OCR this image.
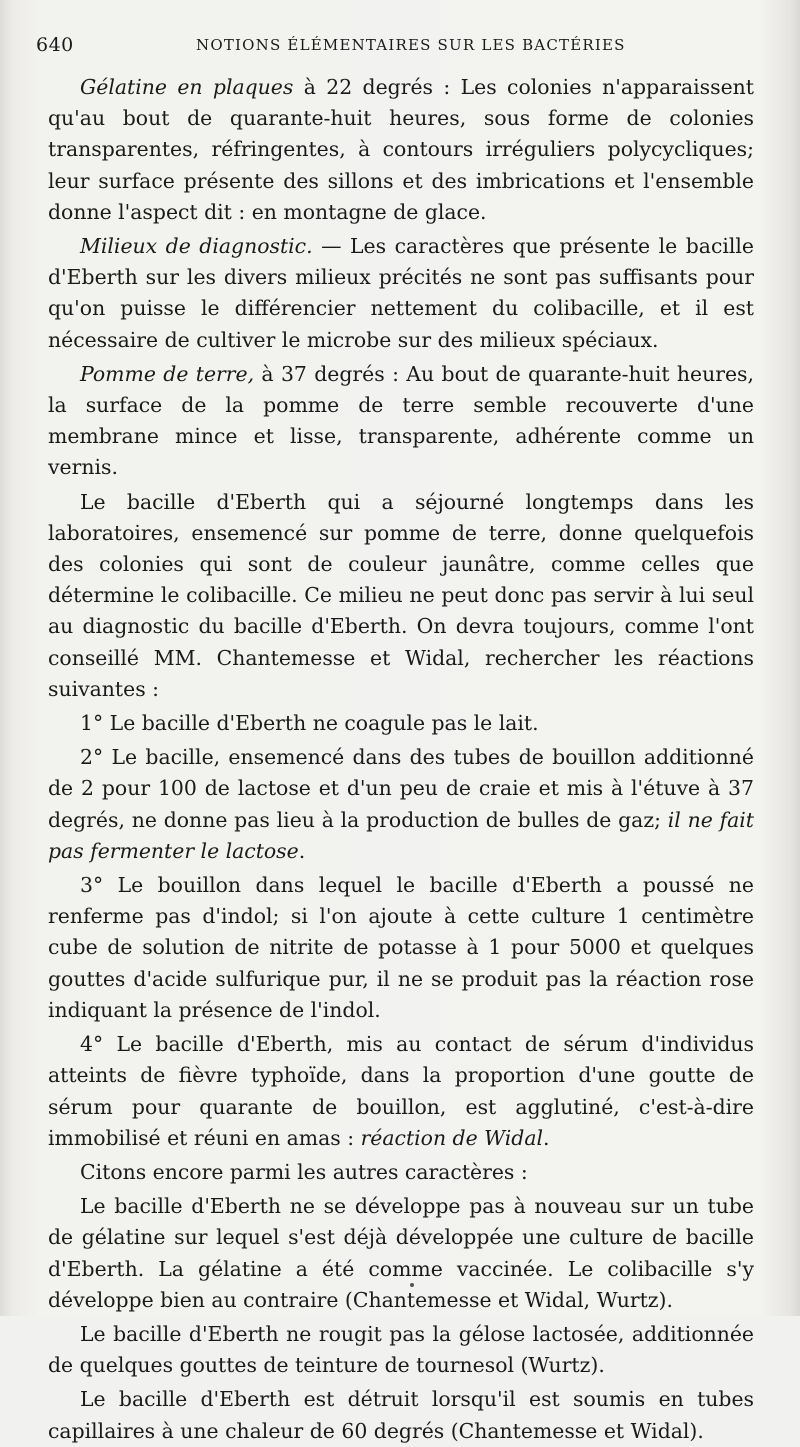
640	NOTIONS ÉLÉMENTAIRES SUR LES BACTÉRIES

Gélatine en plaques à 22 degrés : Les colonies n'apparaissent qu'au bout de quarante-huit heures, sous forme de colonies transparentes, réfringentes, à contours irréguliers polycycliques; leur surface présente des sillons et des imbrications et l'ensemble donne l'aspect dit : en montagne de glace.

Milieux de diagnostic. — Les caractères que présente le bacille d'Eberth sur les divers milieux précités ne sont pas suffisants pour qu'on puisse le différencier nettement du colibacille, et il est nécessaire de cultiver le microbe sur des milieux spéciaux.

Pomme de terre, à 37 degrés : Au bout de quarante-huit heures, la surface de la pomme de terre semble recouverte d'une membrane mince et lisse, transparente, adhérente comme un vernis.

Le bacille d'Eberth qui a séjourné longtemps dans les laboratoires, ensemencé sur pomme de terre, donne quelquefois des colonies qui sont de couleur jaunâtre, comme celles que détermine le colibacille. Ce milieu ne peut donc pas servir à lui seul au diagnostic du bacille d'Eberth. On devra toujours, comme l'ont conseillé MM. Chantemesse et Widal, rechercher les réactions suivantes :

1° Le bacille d'Eberth ne coagule pas le lait.

2° Le bacille, ensemencé dans des tubes de bouillon additionné de 2 pour 100 de lactose et d'un peu de craie et mis à l'étuve à 37 degrés, ne donne pas lieu à la production de bulles de gaz; il ne fait pas fermenter le lactose.

3° Le bouillon dans lequel le bacille d'Eberth a poussé ne renferme pas d'indol; si l'on ajoute à cette culture 1 centimètre cube de solution de nitrite de potasse à 1 pour 5000 et quelques gouttes d'acide sulfurique pur, il ne se produit pas la réaction rose indiquant la présence de l'indol.

4° Le bacille d'Eberth, mis au contact de sérum d'individus atteints de fièvre typhoïde, dans la proportion d'une goutte de sérum pour quarante de bouillon, est agglutiné, c'est-à-dire immobilisé et réuni en amas : réaction de Widal.

Citons encore parmi les autres caractères :

Le bacille d'Eberth ne se développe pas à nouveau sur un tube de gélatine sur lequel s'est déjà développée une culture de bacille d'Eberth. La gélatine a été comme vaccinée. Le colibacille s'y développe bien au contraire (Chantemesse et Widal, Wurtz).

Le bacille d'Eberth ne rougit pas la gélose lactosée, additionnée de quelques gouttes de teinture de tournesol (Wurtz).

Le bacille d'Eberth est détruit lorsqu'il est soumis en tubes capillaires à une chaleur de 60 degrés (Chantemesse et Widal).
